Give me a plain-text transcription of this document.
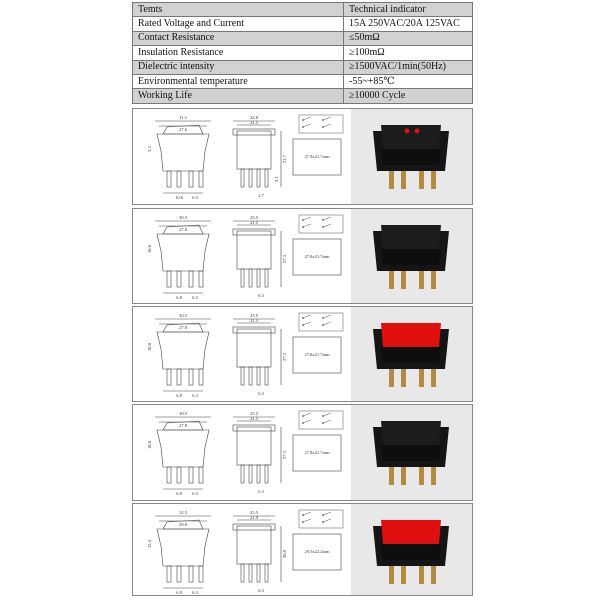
Temts	Technical indicator
Rated Voltage and Current	15A 250VAC/20A 125VAC
Contact Resistance	≤50mΩ
Insulation Resistance	≥100mΩ
Dielectric intensity	≥1500VAC/1min(50Hz)
Environmental temperature	-55~+85℃
Working Life	≥10000 Cycle
31.1
27.6
24.8
21.5
21.7
2.2
10.6 6.3	2.7
9.1
27.9x21.7mm
30.5
27.8
25.5
21.5
27.3
18.8
6.8 6.3	6.3
27.8x21.7mm
30.5
27.8
25.5
21.5
27.3
18.8
6.8 6.3	6.3
27.8x21.7mm
30.5
27.8
25.5
21.5
27.3
18.8
6.8 6.3	6.3
27.8x21.7mm
32.5
29.8
25.5
21.9
28.0
12.4
6.8 6.3	6.3
29.5x22.2mm
